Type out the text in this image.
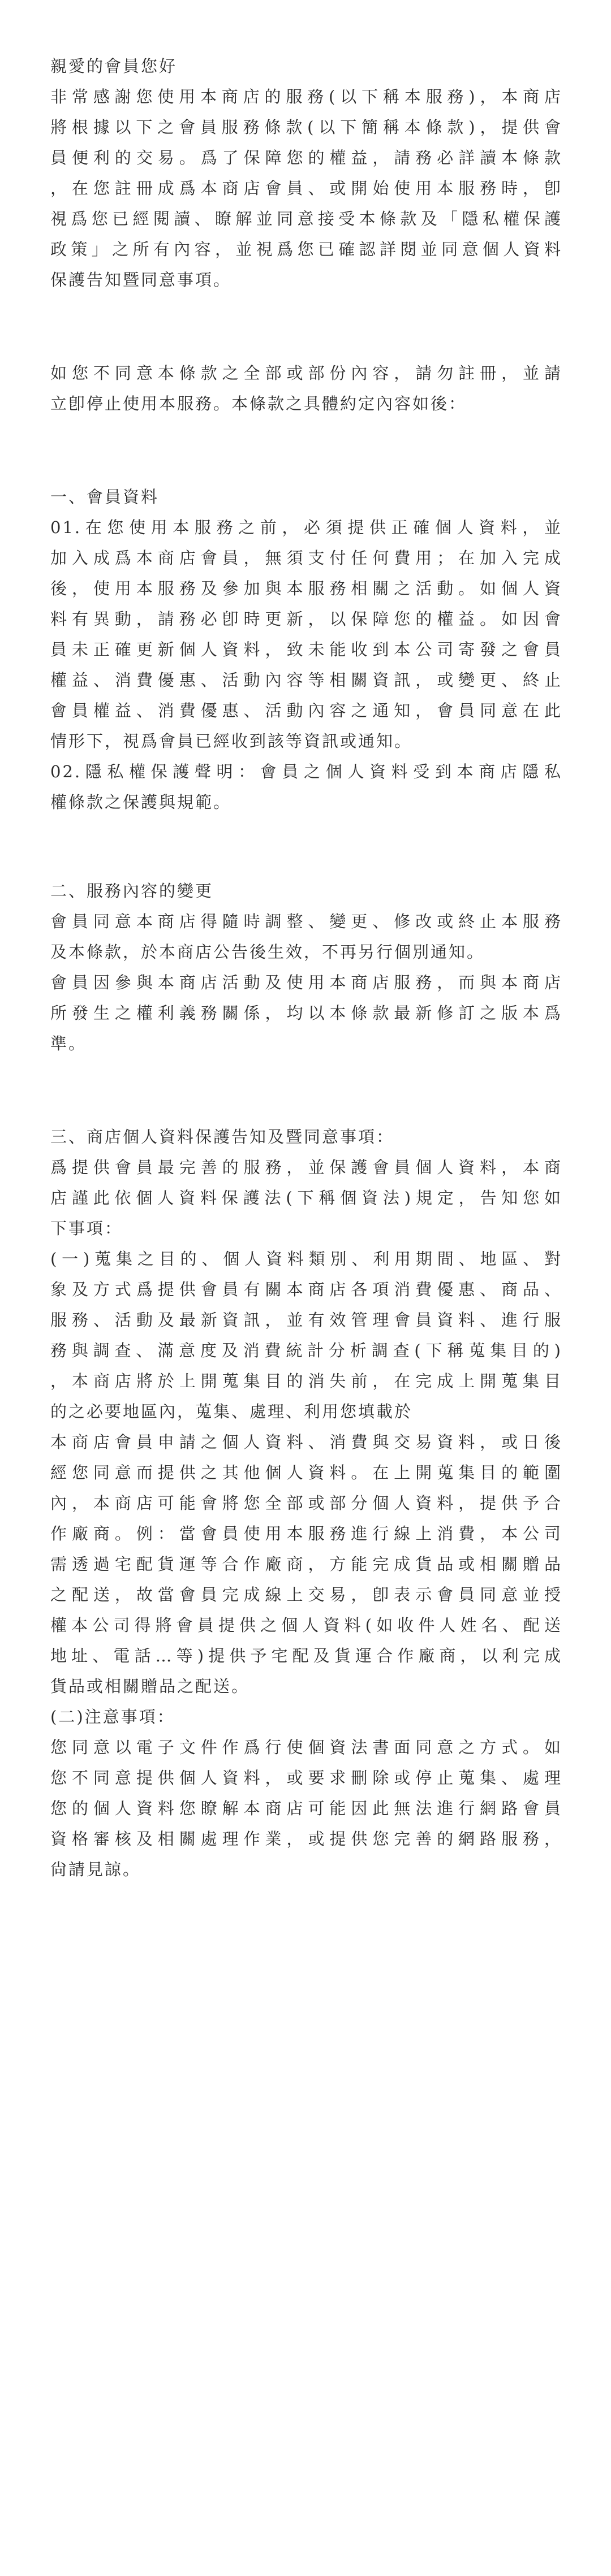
親愛的會員您好
非常感謝您使用本商店的服務(以下稱本服務)，本商店
將根據以下之會員服務條款(以下簡稱本條款)，提供會
員便利的交易。爲了保障您的權益，請務必詳讀本條款
，在您註冊成爲本商店會員、或開始使用本服務時，卽
視爲您已經閱讀、瞭解並同意接受本條款及「隱私權保護
政策」之所有內容，並視爲您已確認詳閱並同意個人資料
保護告知暨同意事項。
如您不同意本條款之全部或部份內容，請勿註冊，並請
立卽停止使用本服務。本條款之具體約定內容如後：
一、會員資料
01.在您使用本服務之前，必須提供正確個人資料，並
加入成爲本商店會員，無須支付任何費用；在加入完成
後，使用本服務及參加與本服務相關之活動。如個人資
料有異動，請務必卽時更新，以保障您的權益。如因會
員未正確更新個人資料，致未能收到本公司寄發之會員
權益、消費優惠、活動內容等相關資訊，或變更、終止
會員權益、消費優惠、活動內容之通知，會員同意在此
情形下，視爲會員已經收到該等資訊或通知。
02.隱私權保護聲明：會員之個人資料受到本商店隱私
權條款之保護與規範。
二、服務內容的變更
會員同意本商店得隨時調整、變更、修改或終止本服務
及本條款，於本商店公告後生效，不再另行個別通知。
會員因參與本商店活動及使用本商店服務，而與本商店
所發生之權利義務關係，均以本條款最新修訂之版本爲
準。
三、商店個人資料保護告知及暨同意事項：
爲提供會員最完善的服務，並保護會員個人資料，本商
店謹此依個人資料保護法(下稱個資法)規定，告知您如
下事項：
(一)蒐集之目的、個人資料類別、利用期間、地區、對
象及方式爲提供會員有關本商店各項消費優惠、商品、
服務、活動及最新資訊，並有效管理會員資料、進行服
務與調查、滿意度及消費統計分析調查(下稱蒐集目的)
，本商店將於上開蒐集目的消失前，在完成上開蒐集目
的之必要地區內，蒐集、處理、利用您填載於
本商店會員申請之個人資料、消費與交易資料，或日後
經您同意而提供之其他個人資料。在上開蒐集目的範圍
內，本商店可能會將您全部或部分個人資料，提供予合
作廠商。例：當會員使用本服務進行線上消費，本公司
需透過宅配貨運等合作廠商，方能完成貨品或相關贈品
之配送，故當會員完成線上交易，卽表示會員同意並授
權本公司得將會員提供之個人資料(如收件人姓名、配送
地址、電話…等)提供予宅配及貨運合作廠商，以利完成
貨品或相關贈品之配送。
(二)注意事項：
您同意以電子文件作爲行使個資法書面同意之方式。如
您不同意提供個人資料，或要求刪除或停止蒐集、處理
您的個人資料您瞭解本商店可能因此無法進行網路會員
資格審核及相關處理作業，或提供您完善的網路服務，
尙請見諒。
